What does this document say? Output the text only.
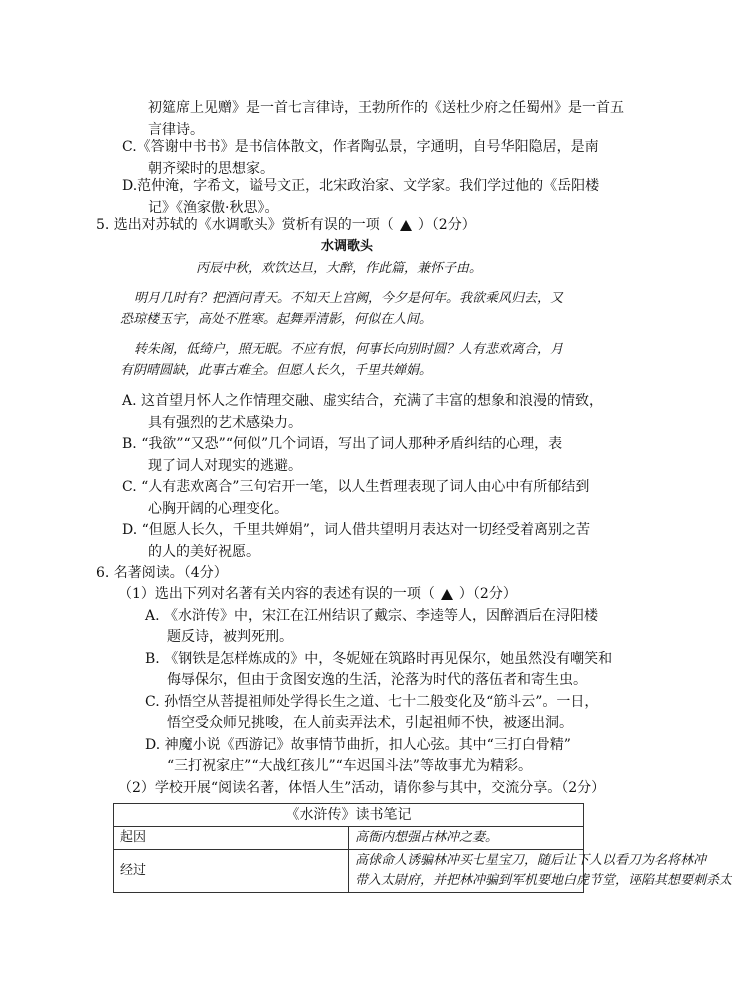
初筵席上见赠》是一首七言律诗，王勃所作的《送杜少府之任蜀州》是一首五
言律诗。
C.《答谢中书书》是书信体散文，作者陶弘景，字通明，自号华阳隐居，是南
朝齐梁时的思想家。
D.范仲淹，字希文，谥号文正，北宋政治家、文学家。我们学过他的《岳阳楼
记》《渔家傲·秋思》。
5. 选出对苏轼的《水调歌头》赏析有误的一项（ ）（2分）
水调歌头
丙辰中秋，欢饮达旦，大醉，作此篇，兼怀子由。
明月几时有？把酒问青天。不知天上宫阙，今夕是何年。我欲乘风归去，又
恐琼楼玉宇，高处不胜寒。起舞弄清影，何似在人间。
转朱阁，低绮户，照无眠。不应有恨，何事长向别时圆？人有悲欢离合，月
有阴晴圆缺，此事古难全。但愿人长久，千里共婵娟。
A. 这首望月怀人之作情理交融、虚实结合，充满了丰富的想象和浪漫的情致，
具有强烈的艺术感染力。
B. “我欲”“又恐”“何似”几个词语，写出了词人那种矛盾纠结的心理，表
现了词人对现实的逃避。
C. “人有悲欢离合”三句宕开一笔，以人生哲理表现了词人由心中有所郁结到
心胸开阔的心理变化。
D. “但愿人长久，千里共婵娟”，词人借共望明月表达对一切经受着离别之苦
的人的美好祝愿。
6. 名著阅读。（4分）
（1）选出下列对名著有关内容的表述有误的一项（ ）（2分）
A. 《水浒传》中，宋江在江州结识了戴宗、李逵等人，因醉酒后在浔阳楼
题反诗，被判死刑。
B. 《钢铁是怎样炼成的》中，冬妮娅在筑路时再见保尔，她虽然没有嘲笑和
侮辱保尔，但由于贪图安逸的生活，沦落为时代的落伍者和寄生虫。
C. 孙悟空从菩提祖师处学得长生之道、七十二般变化及“筋斗云”。一日，
悟空受众师兄挑唆，在人前卖弄法术，引起祖师不快，被逐出洞。
D. 神魔小说《西游记》故事情节曲折，扣人心弦。其中“三打白骨精”
“三打祝家庄”“大战红孩儿”“车迟国斗法”等故事尤为精彩。
（2）学校开展“阅读名著，体悟人生”活动，请你参与其中，交流分享。（2分）
《水浒传》读书笔记	
起因	高衙内想强占林冲之妻。
经过	高俅命人诱骗林冲买七星宝刀，随后让下人以看刀为名将林冲
带入太尉府，并把林冲骗到军机要地白虎节堂，诬陷其想要刺杀太
